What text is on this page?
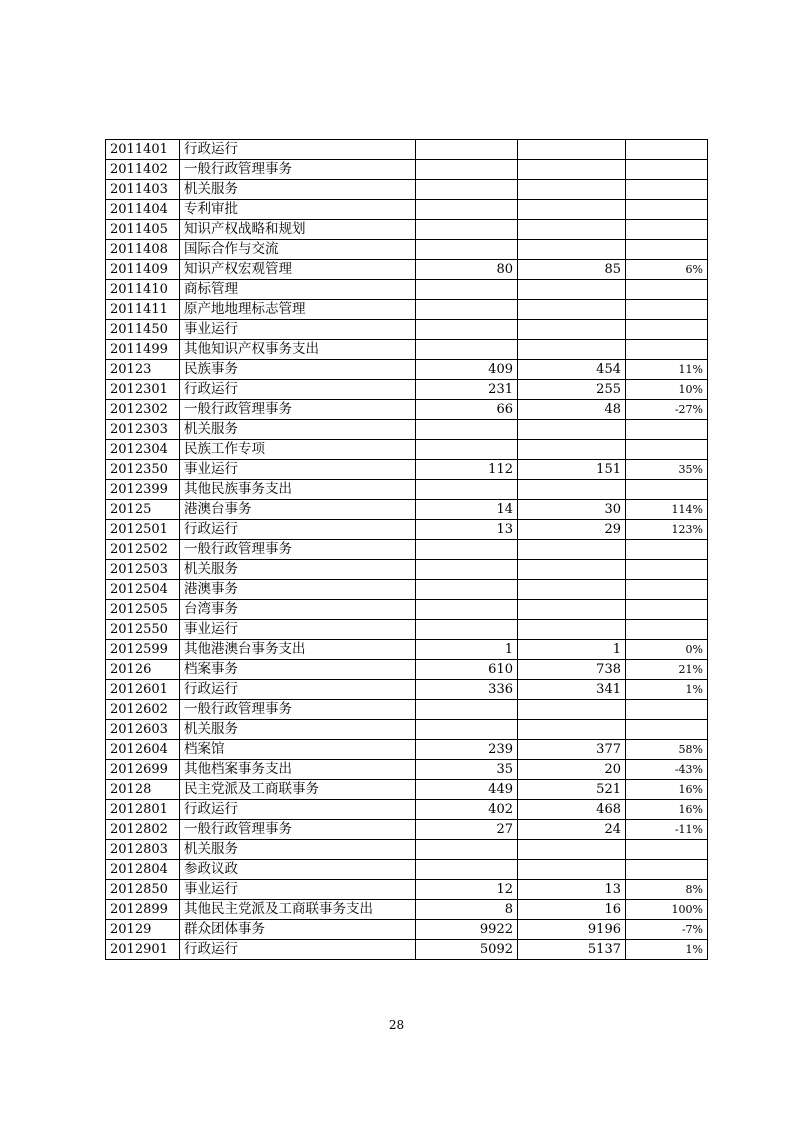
2011401	行政运行			
2011402	一般行政管理事务			
2011403	机关服务			
2011404	专利审批			
2011405	知识产权战略和规划			
2011408	国际合作与交流			
2011409	知识产权宏观管理	80	85	6%
2011410	商标管理			
2011411	原产地地理标志管理			
2011450	事业运行			
2011499	其他知识产权事务支出			
20123	民族事务	409	454	11%
2012301	行政运行	231	255	10%
2012302	一般行政管理事务	66	48	-27%
2012303	机关服务			
2012304	民族工作专项			
2012350	事业运行	112	151	35%
2012399	其他民族事务支出			
20125	港澳台事务	14	30	114%
2012501	行政运行	13	29	123%
2012502	一般行政管理事务			
2012503	机关服务			
2012504	港澳事务			
2012505	台湾事务			
2012550	事业运行			
2012599	其他港澳台事务支出	1	1	0%
20126	档案事务	610	738	21%
2012601	行政运行	336	341	1%
2012602	一般行政管理事务			
2012603	机关服务			
2012604	档案馆	239	377	58%
2012699	其他档案事务支出	35	20	-43%
20128	民主党派及工商联事务	449	521	16%
2012801	行政运行	402	468	16%
2012802	一般行政管理事务	27	24	-11%
2012803	机关服务			
2012804	参政议政			
2012850	事业运行	12	13	8%
2012899	其他民主党派及工商联事务支出	8	16	100%
20129	群众团体事务	9922	9196	-7%
2012901	行政运行	5092	5137	1%
28
